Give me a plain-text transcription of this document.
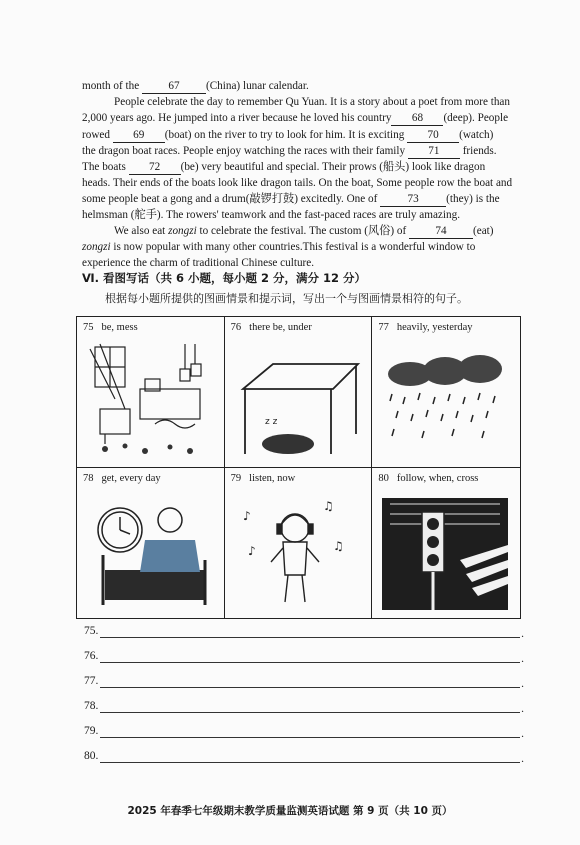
month of the 67 (China) lunar calendar.
People celebrate the day to remember Qu Yuan. It is a story about a poet from more than
2,000 years ago. He jumped into a river because he loved his country 68 (deep). People
rowed 69 (boat) on the river to try to look for him. It is exciting 70 (watch)
the dragon boat races. People enjoy watching the races with their family 71 friends.
The boats 72 (be) very beautiful and special. Their prows (船头) look like dragon
heads. Their ends of the boats look like dragon tails. On the boat, Some people row the boat and
some people beat a gong and a drum(敲锣打鼓) excitedly. One of 73 (they) is the
helmsman (舵手). The rowers' teamwork and the fast-paced races are truly amazing.
We also eat zongzi to celebrate the festival. The custom (风俗) of 74 (eat)
zongzi is now popular with many other countries.This festival is a wonderful window to
experience the charm of traditional Chinese culture.
Ⅵ. 看图写话（共 6 小题，每小题 2 分，满分 12 分）
根据每小题所提供的图画情景和提示词，写出一个与图画情景相符的句子。
75 be, mess	76 there be, under
z z
77 heavily, yesterday
78 get, every day	79 listen, now
♪
♫
♪	♫
80 follow, when, cross
75.	.
76.	.
77.	.
78.	.
79.	.
80.	.
2025 年春季七年级期末教学质量监测英语试题 第 9 页（共 10 页）
